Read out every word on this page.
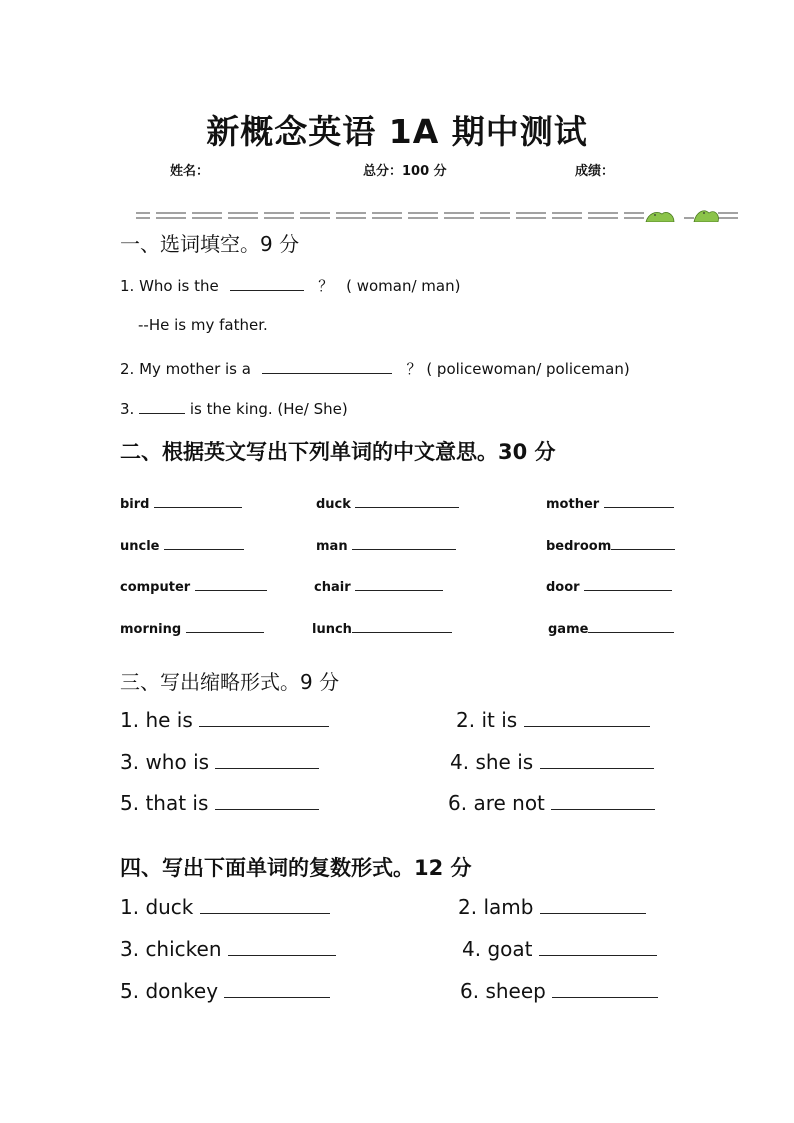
新概念英语 1A 期中测试
姓名：	总分：100 分	成绩：
一、选词填空。9 分
1. Who is the	？ ( woman/ man)
--He is my father.
2. My mother is a	？ ( policewoman/ policeman)
3.	is the king. (He/ She)
二、根据英文写出下列单词的中文意思。30 分
bird	duck	mother
uncle	man	bedroom
computer	chair	door
morning	lunch	game
三、写出缩略形式。9 分
1. he is	2. it is
3. who is	4. she is
5. that is	6. are not
四、写出下面单词的复数形式。12 分
1. duck	2. lamb
3. chicken	4. goat
5. donkey	6. sheep
